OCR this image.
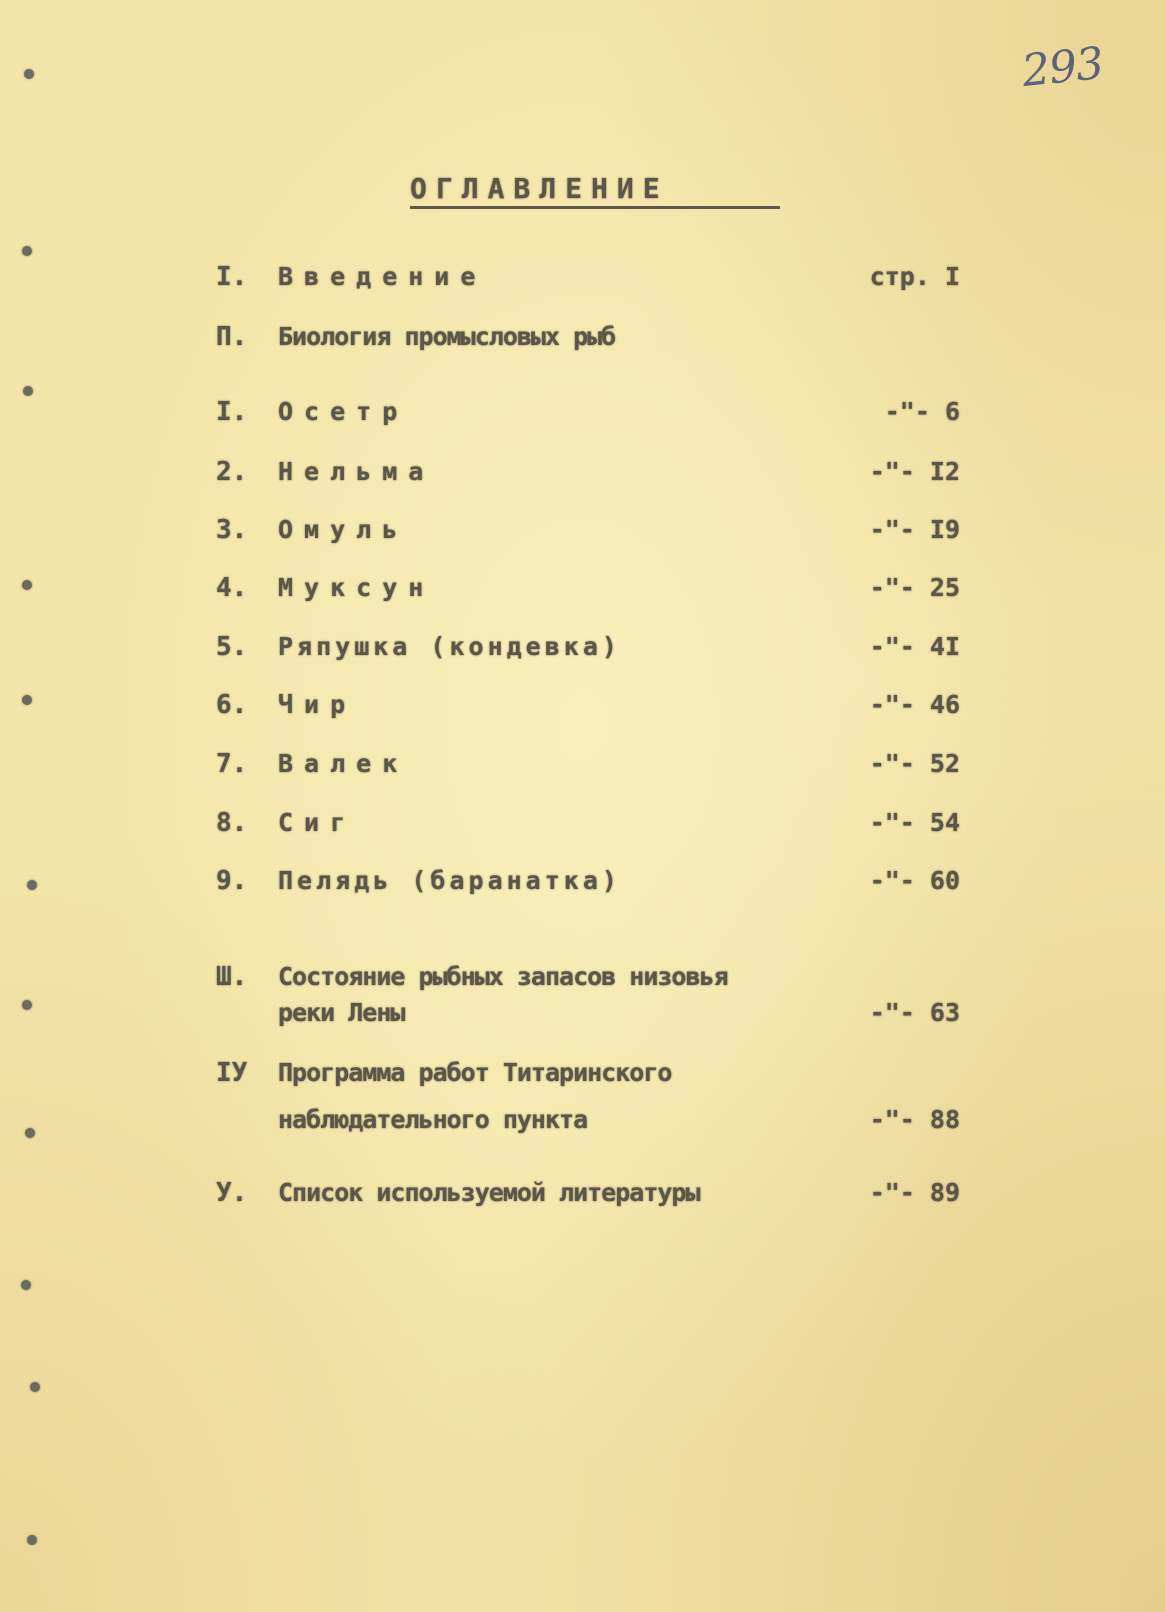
293
ОГЛАВЛЕНИЕ
I. Введение	стр. I
П. Биология промысловых рыб
I. Осетр	-"- 6
2. Нельма	-"- I2
3. Омуль	-"- I9
4. Муксун	-"- 25
5. Ряпушка (кондевка)	-"- 4I
6. Чир	-"- 46
7. Валек	-"- 52
8. Сиг	-"- 54
9. Пелядь (баранатка)	-"- 60
Ш. Состояние рыбных запасов низовья
реки Лены	-"- 63
IУ Программа работ Титаринского
наблюдательного пункта	-"- 88
У. Список используемой литературы	-"- 89
